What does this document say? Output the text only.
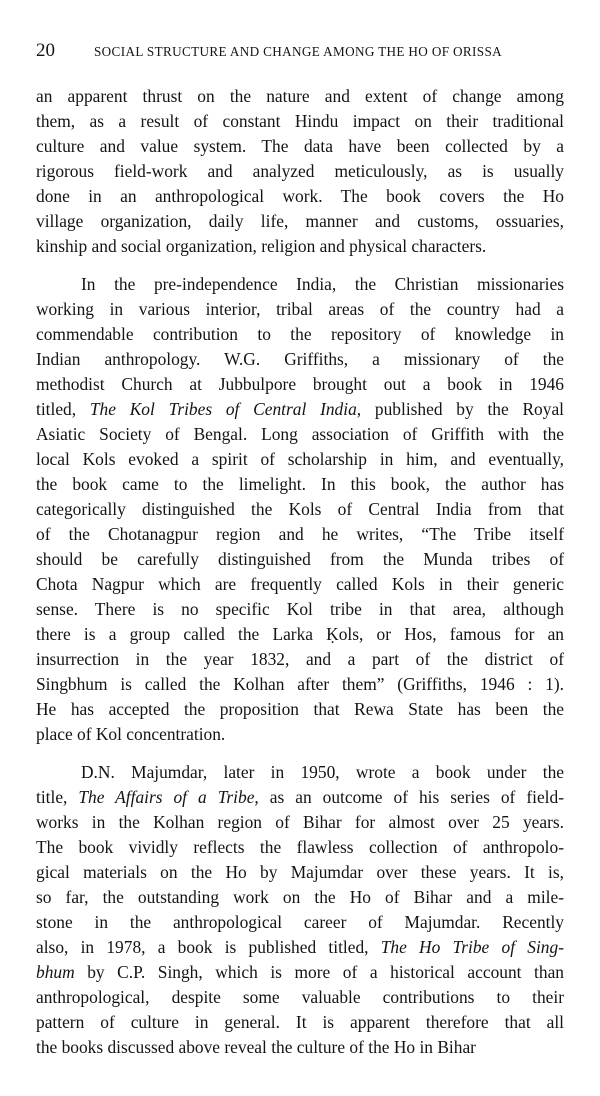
20	SOCIAL STRUCTURE AND CHANGE AMONG THE HO OF ORISSA
an apparent thrust on the nature and extent of change among
them, as a result of constant Hindu impact on their traditional
culture and value system. The data have been collected by a
rigorous field-work and analyzed meticulously, as is usually
done in an anthropological work. The book covers the Ho
village organization, daily life, manner and customs, ossuaries,
kinship and social organization, religion and physical characters.
In the pre-independence India, the Christian missionaries
working in various interior, tribal areas of the country had a
commendable contribution to the repository of knowledge in
Indian anthropology. W.G. Griffiths, a missionary of the
methodist Church at Jubbulpore brought out a book in 1946
titled, The Kol Tribes of Central India, published by the Royal
Asiatic Society of Bengal. Long association of Griffith with the
local Kols evoked a spirit of scholarship in him, and eventually,
the book came to the limelight. In this book, the author has
categorically distinguished the Kols of Central India from that
of the Chotanagpur region and he writes, “The Tribe itself
should be carefully distinguished from the Munda tribes of
Chota Nagpur which are frequently called Kols in their generic
sense. There is no specific Kol tribe in that area, although
there is a group called the Larka Ḳols, or Hos, famous for an
insurrection in the year 1832, and a part of the district of
Singbhum is called the Kolhan after them” (Griffiths, 1946 : 1).
He has accepted the proposition that Rewa State has been the
place of Kol concentration.
D.N. Majumdar, later in 1950, wrote a book under the
title, The Affairs of a Tribe, as an outcome of his series of field-
works in the Kolhan region of Bihar for almost over 25 years.
The book vividly reflects the flawless collection of anthropolo-
gical materials on the Ho by Majumdar over these years. It is,
so far, the outstanding work on the Ho of Bihar and a mile-
stone in the anthropological career of Majumdar. Recently
also, in 1978, a book is published titled, The Ho Tribe of Sing-
bhum by C.P. Singh, which is more of a historical account than
anthropological, despite some valuable contributions to their
pattern of culture in general. It is apparent therefore that all
the books discussed above reveal the culture of the Ho in Bihar
